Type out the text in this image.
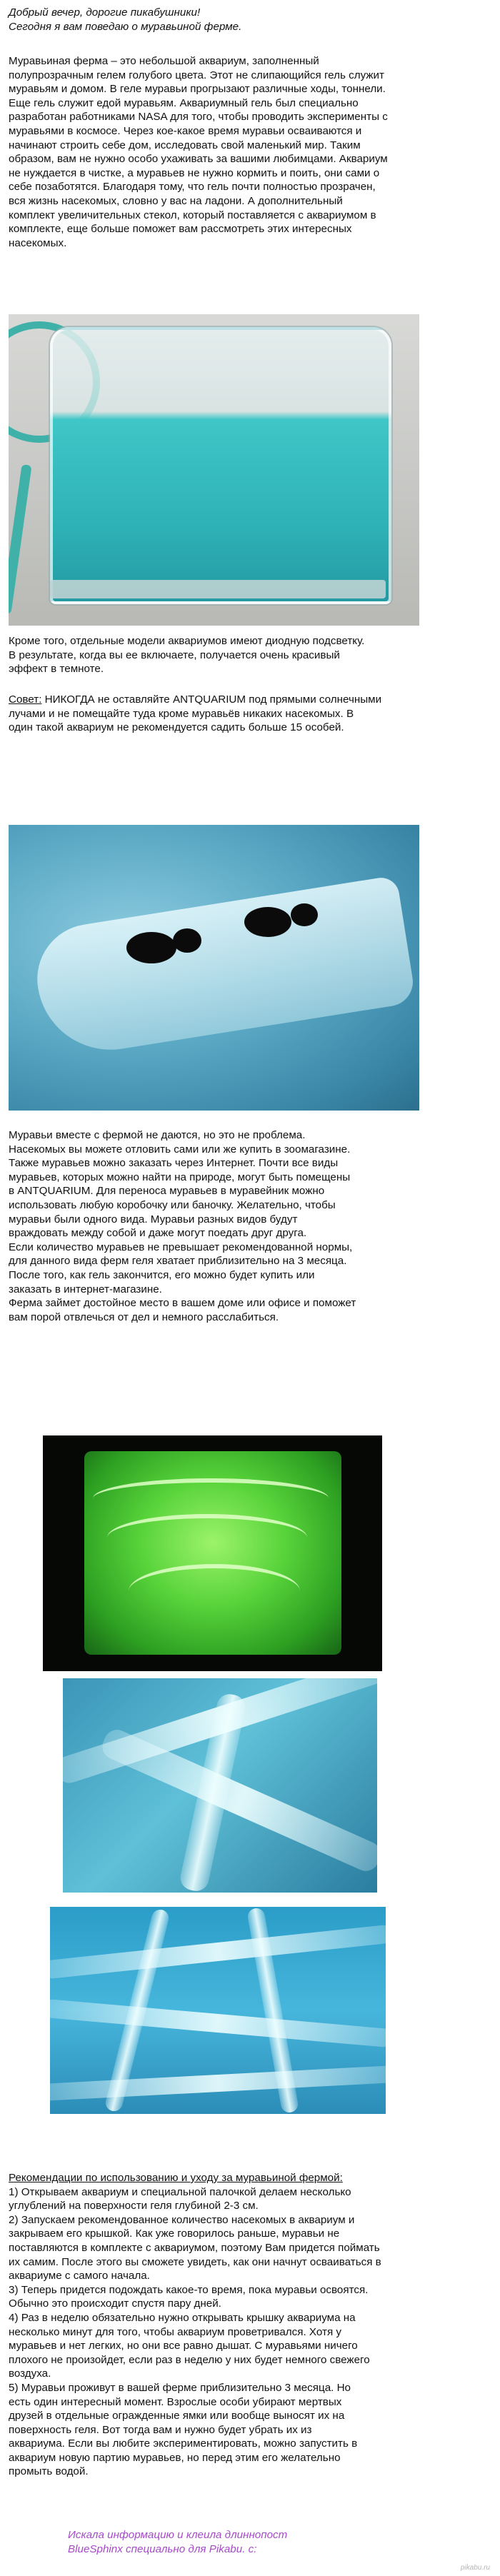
Добрый вечер, дорогие пикабушники!
Сегодня я вам поведаю о муравьиной ферме.
Муравьиная ферма – это небольшой аквариум, заполненный
полупрозрачным гелем голубого цвета. Этот не слипающийся гель служит
муравьям и домом. В геле муравьи прогрызают различные ходы, тоннели.
Еще гель служит едой муравьям. Аквариумный гель был специально
разработан работниками NASA для того, чтобы проводить эксперименты с
муравьями в космосе. Через кое-какое время муравьи осваиваются и
начинают строить себе дом, исследовать свой маленький мир. Таким
образом, вам не нужно особо ухаживать за вашими любимцами. Аквариум
не нуждается в чистке, а муравьев не нужно кормить и поить, они сами о
себе позаботятся. Благодаря тому, что гель почти полностью прозрачен,
вся жизнь насекомых, словно у вас на ладони. А дополнительный
комплект увеличительных стекол, который поставляется с аквариумом в
комплекте, еще больше поможет вам рассмотреть этих интересных
насекомых.
Кроме того, отдельные модели аквариумов имеют диодную подсветку.
В результате, когда вы ее включаете, получается очень красивый
эффект в темноте.
Совет: НИКОГДА не оставляйте ANTQUARIUM под прямыми солнечными
лучами и не помещайте туда кроме муравьёв никаких насекомых. В
один такой аквариум не рекомендуется садить больше 15 особей.
Муравьи вместе с фермой не даются, но это не проблема.
Насекомых вы можете отловить сами или же купить в зоомагазине.
Также муравьев можно заказать через Интернет. Почти все виды
муравьев, которых можно найти на природе, могут быть помещены
в ANTQUARIUM. Для переноса муравьев в муравейник можно
использовать любую коробочку или баночку. Желательно, чтобы
муравьи были одного вида. Муравьи разных видов будут
враждовать между собой и даже могут поедать друг друга.
Если количество муравьев не превышает рекомендованной нормы,
для данного вида ферм геля хватает приблизительно на 3 месяца.
После того, как гель закончится, его можно будет купить или
заказать в интернет-магазине.
Ферма займет достойное место в вашем доме или офисе и поможет
вам порой отвлечься от дел и немного расслабиться.
Рекомендации по использованию и уходу за муравьиной фермой:
1) Открываем аквариум и специальной палочкой делаем несколько
углублений на поверхности геля глубиной 2-3 см.
2) Запускаем рекомендованное количество насекомых в аквариум и
закрываем его крышкой. Как уже говорилось раньше, муравьи не
поставляются в комплекте с аквариумом, поэтому Вам придется поймать
их самим. После этого вы сможете увидеть, как они начнут осваиваться в
аквариуме с самого начала.
3) Теперь придется подождать какое-то время, пока муравьи освоятся.
Обычно это происходит спустя пару дней.
4) Раз в неделю обязательно нужно открывать крышку аквариума на
несколько минут для того, чтобы аквариум проветривался. Хотя у
муравьев и нет легких, но они все равно дышат. С муравьями ничего
плохого не произойдет, если раз в неделю у них будет немного свежего
воздуха.
5) Муравьи проживут в вашей ферме приблизительно 3 месяца. Но
есть один интересный момент. Взрослые особи убирают мертвых
друзей в отдельные огражденные ямки или вообще выносят их на
поверхность геля. Вот тогда вам и нужно будет убрать их из
аквариума. Если вы любите экспериментировать, можно запустить в
аквариум новую партию муравьев, но перед этим его желательно
промыть водой.
Искала информацию и клеила длиннопост
BlueSphinx специально для Pikabu. с:
pikabu.ru
